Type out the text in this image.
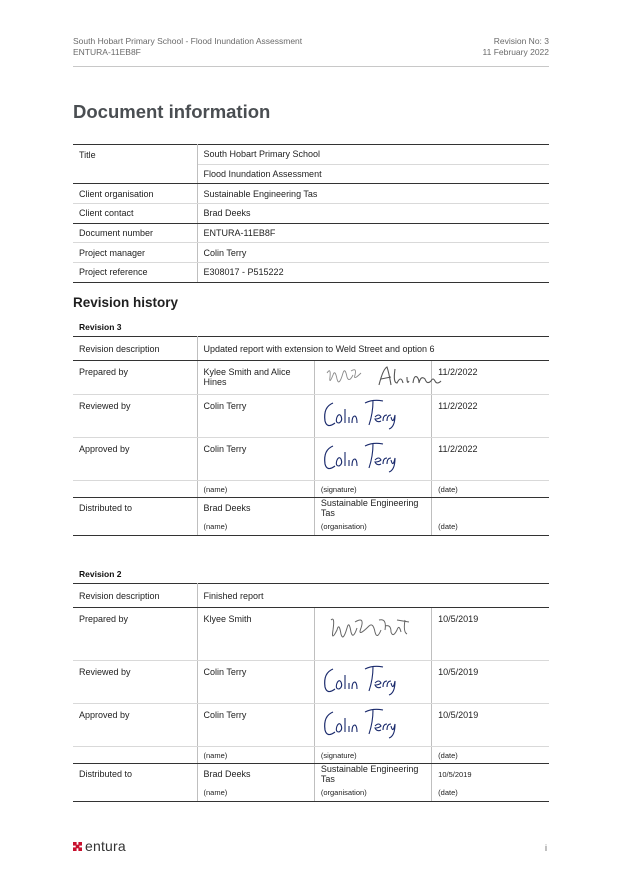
South Hobart Primary School - Flood Inundation Assessment
ENTURA-11EB8F
Revision No: 3
11 February 2022
Document information
Title	South Hobart Primary School
	Flood Inundation Assessment
Client organisation	Sustainable Engineering Tas
Client contact	Brad Deeks
Document number	ENTURA-11EB8F
Project manager	Colin Terry
Project reference	E308017 - P515222
Revision history
Revision 3
Revision description	Updated report with extension to Weld Street and option 6		
Prepared by	Kylee Smith and Alice Hines		11/2/2022
Reviewed by	Colin Terry		11/2/2022
Approved by	Colin Terry		11/2/2022
	(name)	(signature)	(date)
Distributed to	Brad Deeks	Sustainable Engineering Tas	
	(name)	(organisation)	(date)
Revision 2
Revision description	Finished report		
Prepared by	Klyee Smith		10/5/2019
Reviewed by	Colin Terry		10/5/2019
Approved by	Colin Terry		10/5/2019
	(name)	(signature)	(date)
Distributed to	Brad Deeks	Sustainable Engineering Tas	10/5/2019
	(name)	(organisation)	(date)
entura	i
